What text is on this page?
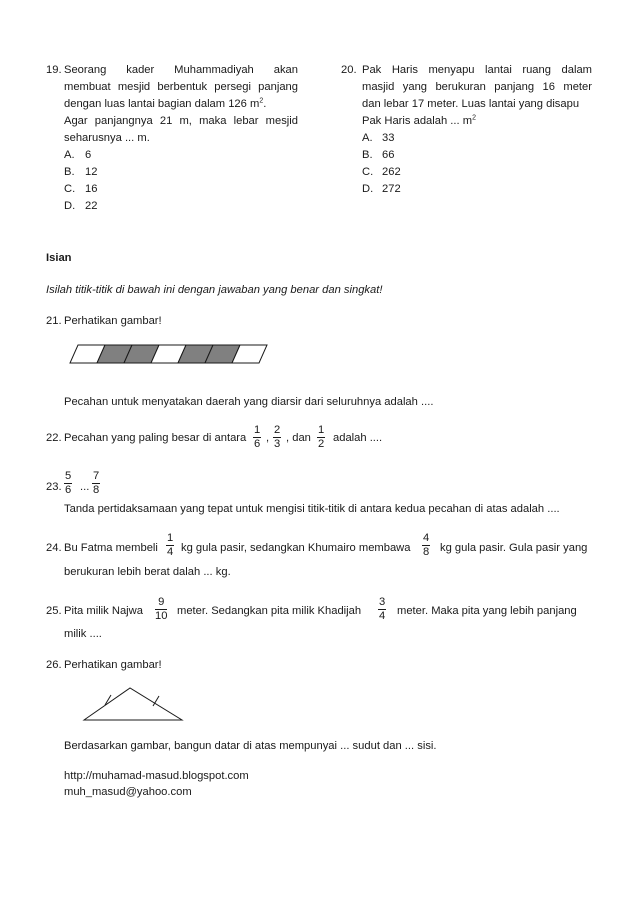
19. Seorang kader Muhammadiyah akan
membuat mesjid berbentuk persegi panjang
dengan luas lantai bagian dalam 126 $m^2$.
Agar panjangnya 21 m, maka lebar mesjid
seharusnya ... m.
A. 6
B. 12
C. 16
D. 22
20. Pak Haris menyapu lantai ruang dalam
masjid yang berukuran panjang 16 meter
dan lebar 17 meter. Luas lantai yang disapu
Pak Haris adalah ... $m^2$
A. 33
B. 66
C. 262
D. 272
Isian
Isilah titik-titik di bawah ini dengan jawaban yang benar dan singkat!
21. Perhatikan gambar!
Pecahan untuk menyatakan daerah yang diarsir dari seluruhnya adalah ....
22. Pecahan yang paling besar di antara $\frac{1}{6}$ , $\frac{2}{3}$ , dan $\frac{1}{2}$ adalah ....
23. $\frac{5}{6}$ ... $\frac{7}{8}$
Tanda pertidaksamaan yang tepat untuk mengisi titik-titik di antara kedua pecahan di atas adalah ....
24. Bu Fatma membeli $\frac{1}{4}$ kg gula pasir, sedangkan Khumairo membawa $\frac{4}{8}$ kg gula pasir. Gula pasir yang
berukuran lebih berat dalah ... kg.
25. Pita milik Najwa $\frac{9}{10}$ meter. Sedangkan pita milik Khadijah $\frac{3}{4}$ meter. Maka pita yang lebih panjang
milik ....
26. Perhatikan gambar!
Berdasarkan gambar, bangun datar di atas mempunyai ... sudut dan ... sisi.
http://muhamad-masud.blogspot.com
muh_masud@yahoo.com
